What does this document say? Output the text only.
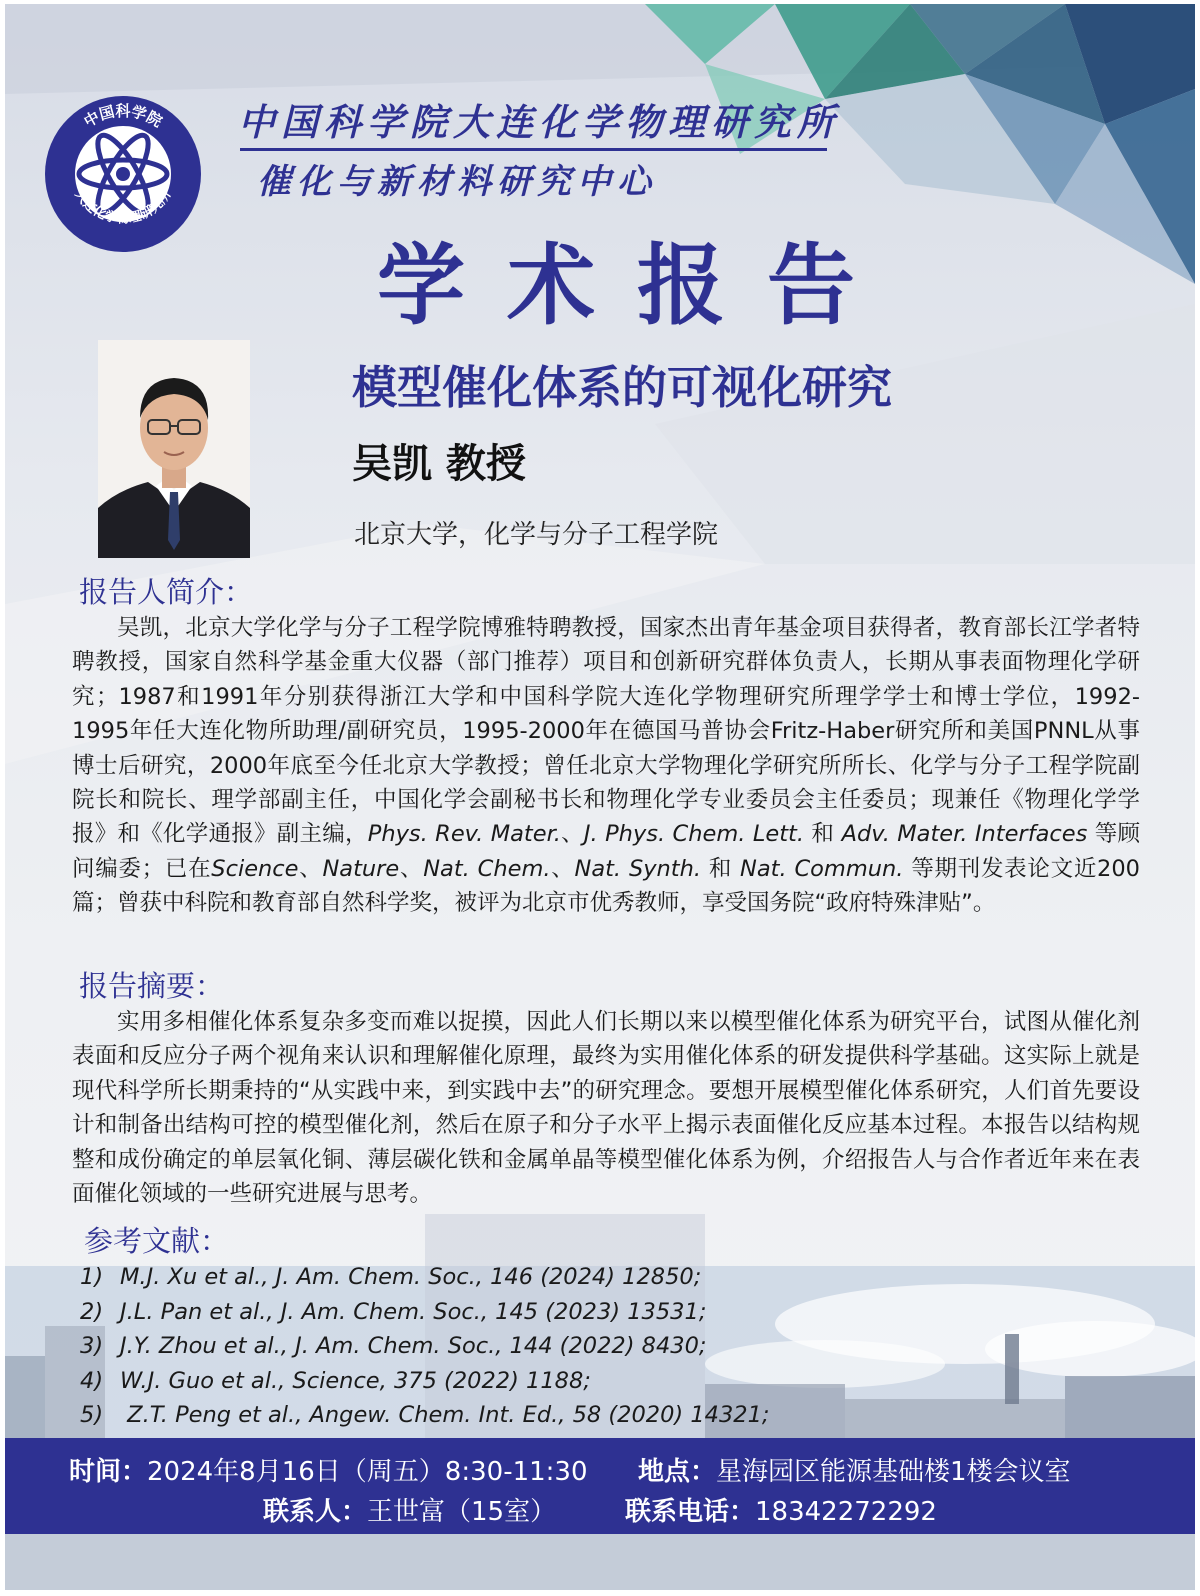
中国科学院
大连化学物理研究所
中国科学院大连化学物理研究所
催化与新材料研究中心
学术报告
模型催化体系的可视化研究
吴凯 教授
北京大学，化学与分子工程学院
报告人简介：

吴凯，北京大学化学与分子工程学院博雅特聘教授，国家杰出青年基金项目获得者，教育部长江学者特聘教授，国家自然科学基金重大仪器（部门推荐）项目和创新研究群体负责人，长期从事表面物理化学研究；1987和1991年分别获得浙江大学和中国科学院大连化学物理研究所理学学士和博士学位，1992-1995年任大连化物所助理/副研究员，1995-2000年在德国马普协会Fritz-Haber研究所和美国PNNL从事博士后研究，2000年底至今任北京大学教授；曾任北京大学物理化学研究所所长、化学与分子工程学院副院长和院长、理学部副主任，中国化学会副秘书长和物理化学专业委员会主任委员；现兼任《物理化学学报》和《化学通报》副主编，Phys. Rev. Mater.、J. Phys. Chem. Lett. 和 Adv. Mater. Interfaces 等顾问编委；已在Science、Nature、Nat. Chem.、Nat. Synth. 和 Nat. Commun. 等期刊发表论文近200篇；曾获中科院和教育部自然科学奖，被评为北京市优秀教师，享受国务院“政府特殊津贴”。

报告摘要：

实用多相催化体系复杂多变而难以捉摸，因此人们长期以来以模型催化体系为研究平台，试图从催化剂表面和反应分子两个视角来认识和理解催化原理，最终为实用催化体系的研发提供科学基础。这实际上就是现代科学所长期秉持的“从实践中来，到实践中去”的研究理念。要想开展模型催化体系研究，人们首先要设计和制备出结构可控的模型催化剂，然后在原子和分子水平上揭示表面催化反应基本过程。本报告以结构规整和成份确定的单层氧化铜、薄层碳化铁和金属单晶等模型催化体系为例，介绍报告人与合作者近年来在表面催化领域的一些研究进展与思考。

参考文献：
1) M.J. Xu et al., J. Am. Chem. Soc., 146 (2024) 12850;
2) J.L. Pan et al., J. Am. Chem. Soc., 145 (2023) 13531;
3) J.Y. Zhou et al., J. Am. Chem. Soc., 144 (2022) 8430;
4) W.J. Guo et al., Science, 375 (2022) 1188;
5) Z.T. Peng et al., Angew. Chem. Int. Ed., 58 (2020) 14321;
时间：2024年8月16日（周五）8:30-11:30 地点：星海园区能源基础楼1楼会议室
联系人：王世富（15室）	联系电话：18342272292
